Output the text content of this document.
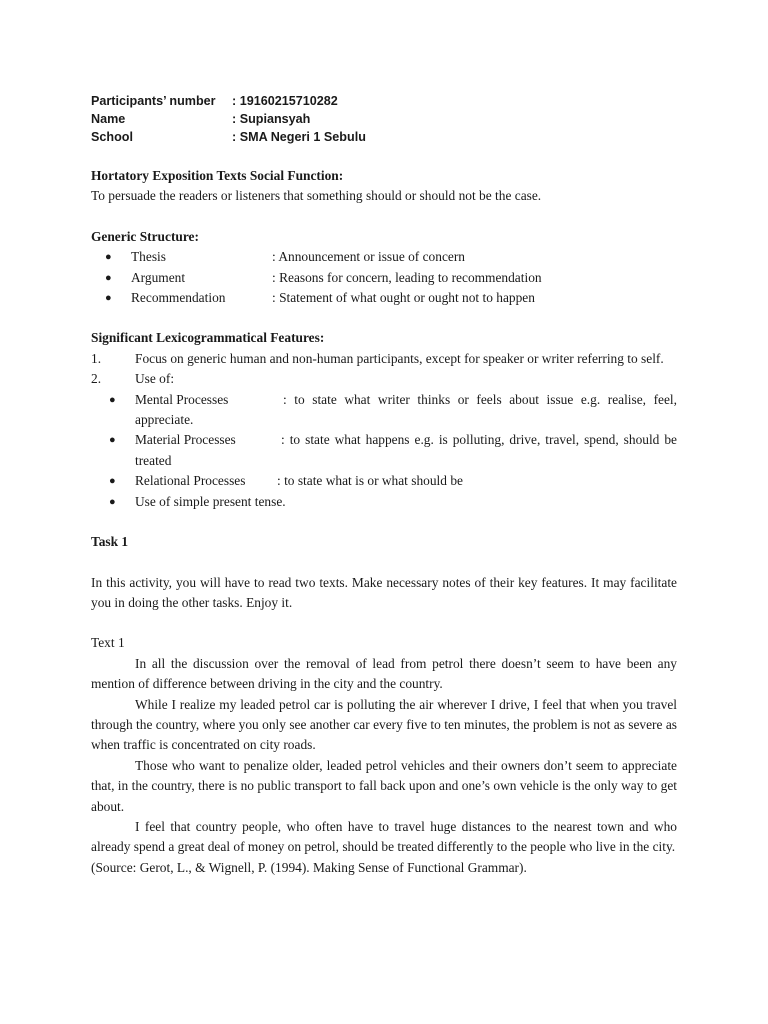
Participants’ number	: 19160215710282
Name	: Supiansyah
School	: SMA Negeri 1 Sebulu
Hortatory Exposition Texts Social Function:
To persuade the readers or listeners that something should or should not be the case.
Generic Structure:
●	Thesis	: Announcement or issue of concern
●	Argument	: Reasons for concern, leading to recommendation
●	Recommendation	: Statement of what ought or ought not to happen
Significant Lexicogrammatical Features:
1.	Focus on generic human and non-human participants, except for speaker or writer referring to self.
2.	Use of:
●	Mental Processes	: to state what writer thinks or feels about issue e.g. realise, feel, appreciate.
●	Material Processes	: to state what happens e.g. is polluting, drive, travel, spend, should be treated
●	Relational Processes : to state what is or what should be
●	Use of simple present tense.
Task 1
In this activity, you will have to read two texts. Make necessary notes of their key features. It may facilitate you in doing the other tasks. Enjoy it.
Text 1
In all the discussion over the removal of lead from petrol there doesn’t seem to have been any mention of difference between driving in the city and the country.
While I realize my leaded petrol car is polluting the air wherever I drive, I feel that when you travel through the country, where you only see another car every five to ten minutes, the problem is not as severe as when traffic is concentrated on city roads.
Those who want to penalize older, leaded petrol vehicles and their owners don’t seem to appreciate that, in the country, there is no public transport to fall back upon and one’s own vehicle is the only way to get about.
I feel that country people, who often have to travel huge distances to the nearest town and who already spend a great deal of money on petrol, should be treated differently to the people who live in the city.
(Source: Gerot, L., & Wignell, P. (1994). Making Sense of Functional Grammar).
